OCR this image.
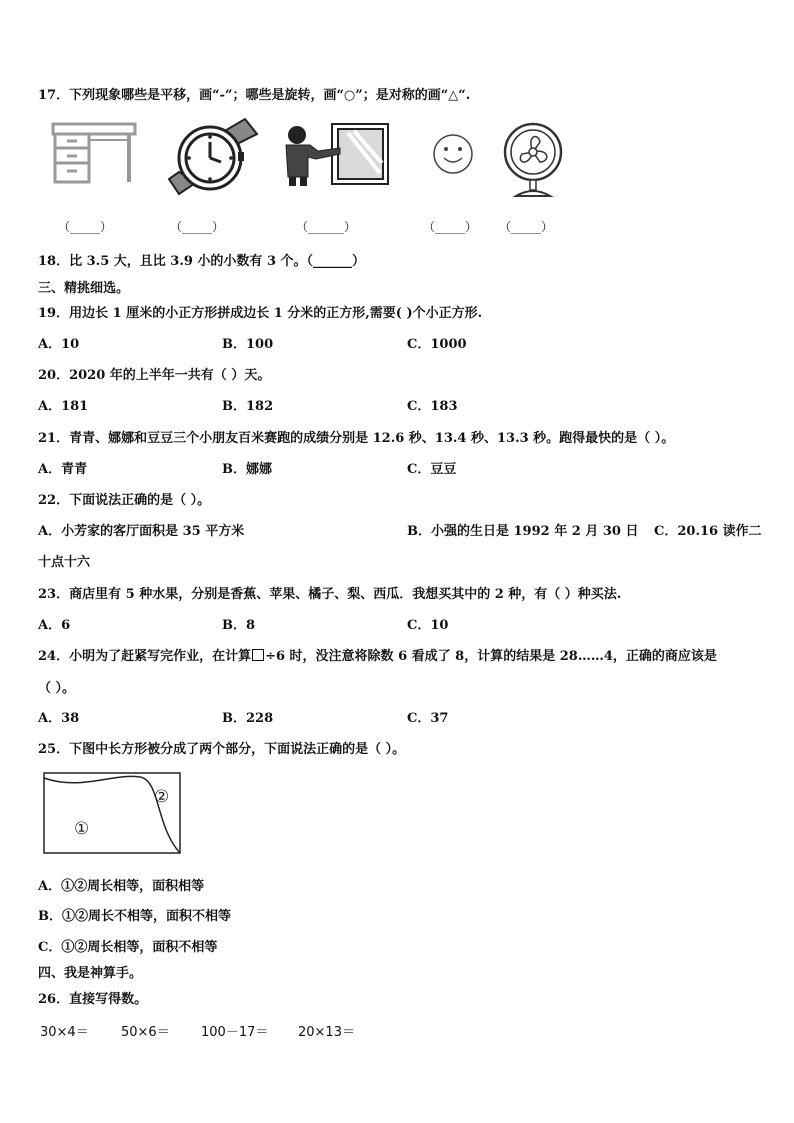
17．下列现象哪些是平移，画“-”；哪些是旋转，画“○”；是对称的画“△“.
（_____）	（_____）	（______）	（_____） （_____）
18．比 3.5 大，且比 3.9 小的小数有 3 个。（______）
三、精挑细选。
19．用边长 1 厘米的小正方形拼成边长 1 分米的正方形,需要( )个小正方形.
A．10	B．100	C．1000
20．2020 年的上半年一共有（ ）天。
A．181	B．182	C．183
21．青青、娜娜和豆豆三个小朋友百米赛跑的成绩分别是 12.6 秒、13.4 秒、13.3 秒。跑得最快的是（ ）。
A．青青	B．娜娜	C．豆豆
22．下面说法正确的是（ ）。
A．小芳家的客厅面积是 35 平方米	B．小强的生日是 1992 年 2 月 30 日 C．20.16 读作二
十点十六
23．商店里有 5 种水果，分别是香蕉、苹果、橘子、梨、西瓜．我想买其中的 2 种，有（ ）种买法.
A．6	B．8	C．10
24．小明为了赶紧写完作业，在计算 ÷6 时，没注意将除数 6 看成了 8，计算的结果是 28……4，正确的商应该是
（ ）。
A．38	B．228	C．37
25．下图中长方形被分成了两个部分，下面说法正确的是（ ）。
①
②
A．①②周长相等，面积相等
B．①②周长不相等，面积不相等
C．①②周长相等，面积不相等
四、我是神算手。
26．直接写得数。
30×4＝ 50×6＝ 100－17＝ 20×13＝
